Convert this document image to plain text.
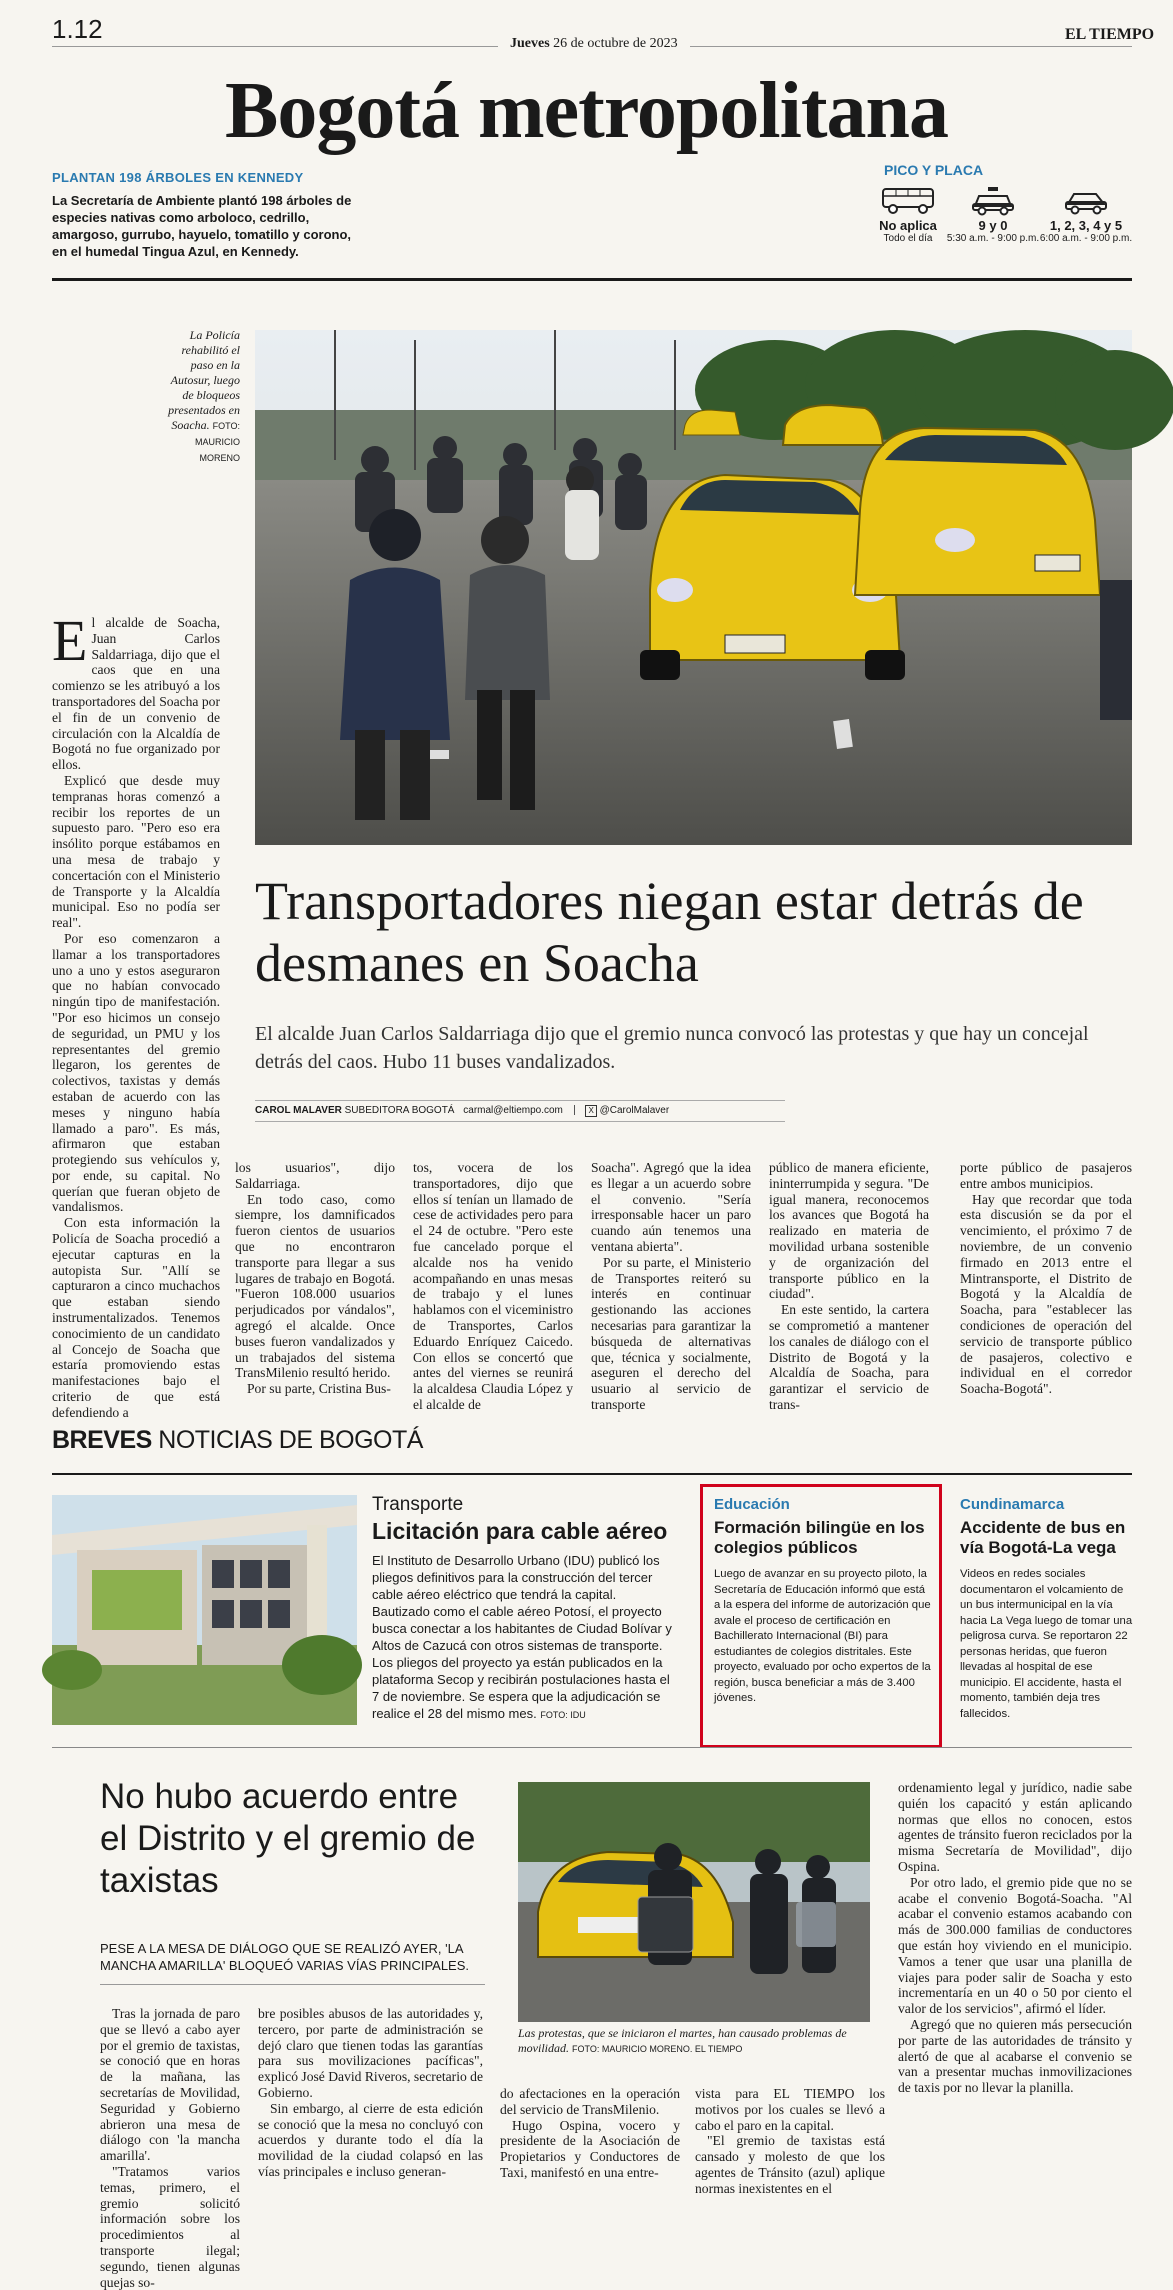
1.12	Jueves 26 de octubre de 2023
EL TIEMPO
Bogotá metropolitana
PLANTAN 198 ÁRBOLES EN KENNEDY
La Secretaría de Ambiente plantó 198 árboles de especies nativas como arboloco, cedrillo, amargoso, gurrubo, hayuelo, tomatillo y corono, en el humedal Tingua Azul, en Kennedy.
PICO Y PLACA
No aplica
Todo el día
9 y 0
5:30 a.m. - 9:00 p.m.
1, 2, 3, 4 y 5
6:00 a.m. - 9:00 p.m.
La Policía rehabilitó el paso en la Autosur, luego de bloqueos presentados en Soacha. FOTO: MAURICIO MORENO
Transportadores niegan estar detrás de desmanes en Soacha
El alcalde Juan Carlos Saldarriaga dijo que el gremio nunca convocó las protestas y que hay un concejal detrás del caos. Hubo 11 buses vandalizados.
CAROL MALAVER SUBEDITORA BOGOTÁ carmal@eltiempo.com	X @CarolMalaver
E l alcalde de Soacha, Juan Carlos Saldarriaga, dijo que el caos que en una comienzo se les atribuyó a los transportadores del Soacha por el fin de un convenio de circulación con la Alcaldía de Bogotá no fue organizado por ellos.

Explicó que desde muy tempranas horas comenzó a recibir los reportes de un supuesto paro. "Pero eso era insólito porque estábamos en una mesa de trabajo y concertación con el Ministerio de Transporte y la Alcaldía municipal. Eso no podía ser real".

Por eso comenzaron a llamar a los transportadores uno a uno y estos aseguraron que no habían convocado ningún tipo de manifestación. "Por eso hicimos un consejo de seguridad, un PMU y los representantes del gremio llegaron, los gerentes de colectivos, taxistas y demás estaban de acuerdo con las meses y ninguno había llamado a paro". Es más, afirmaron que estaban protegiendo sus vehículos y, por ende, su capital. No querían que fueran objeto de vandalismos.

Con esta información la Policía de Soacha procedió a ejecutar capturas en la autopista Sur. "Allí se capturaron a cinco muchachos que estaban siendo instrumentalizados. Tenemos conocimiento de un candidato al Concejo de Soacha que estaría promoviendo estas manifestaciones bajo el criterio de que está defendiendo a

los usuarios", dijo Saldarriaga.

En todo caso, como siempre, los damnificados fueron cientos de usuarios que no encontraron transporte para llegar a sus lugares de trabajo en Bogotá. "Fueron 108.000 usuarios perjudicados por vándalos", agregó el alcalde. Once buses fueron vandalizados y un trabajados del sistema TransMilenio resultó herido.

Por su parte, Cristina Bus-

tos, vocera de los transportadores, dijo que ellos sí tenían un llamado de cese de actividades pero para el 24 de octubre. "Pero este fue cancelado porque el alcalde nos ha venido acompañando en unas mesas de trabajo y el lunes hablamos con el viceministro de Transportes, Carlos Eduardo Enríquez Caicedo. Con ellos se concertó que antes del viernes se reunirá la alcaldesa Claudia López y el alcalde de

Soacha". Agregó que la idea es llegar a un acuerdo sobre el convenio. "Sería irresponsable hacer un paro cuando aún tenemos una ventana abierta".

Por su parte, el Ministerio de Transportes reiteró su interés en continuar gestionando las acciones necesarias para garantizar la búsqueda de alternativas que, técnica y socialmente, aseguren el derecho del usuario al servicio de transporte

público de manera eficiente, ininterrumpida y segura. "De igual manera, reconocemos los avances que Bogotá ha realizado en materia de movilidad urbana sostenible y de organización del transporte público en la ciudad".

En este sentido, la cartera se comprometió a mantener los canales de diálogo con el Distrito de Bogotá y la Alcaldía de Soacha, para garantizar el servicio de trans-

porte público de pasajeros entre ambos municipios.

Hay que recordar que toda esta discusión se da por el vencimiento, el próximo 7 de noviembre, de un convenio firmado en 2013 entre el Mintransporte, el Distrito de Bogotá y la Alcaldía de Soacha, para "establecer las condiciones de operación del servicio de transporte público de pasajeros, colectivo e individual en el corredor Soacha-Bogotá".

BREVES NOTICIAS DE BOGOTÁ
Transporte
Licitación para cable aéreo
El Instituto de Desarrollo Urbano (IDU) publicó los pliegos definitivos para la construcción del tercer cable aéreo eléctrico que tendrá la capital. Bautizado como el cable aéreo Potosí, el proyecto busca conectar a los habitantes de Ciudad Bolívar y Altos de Cazucá con otros sistemas de transporte. Los pliegos del proyecto ya están publicados en la plataforma Secop y recibirán postulaciones hasta el 7 de noviembre. Se espera que la adjudicación se realice el 28 del mismo mes. FOTO: IDU
Educación
Formación bilingüe en los colegios públicos
Luego de avanzar en su proyecto piloto, la Secretaría de Educación informó que está a la espera del informe de autorización que avale el proceso de certificación en Bachillerato Internacional (BI) para estudiantes de colegios distritales. Este proyecto, evaluado por ocho expertos de la región, busca beneficiar a más de 3.400 jóvenes.
Cundinamarca
Accidente de bus en vía Bogotá-La vega
Videos en redes sociales documentaron el volcamiento de un bus intermunicipal en la vía hacia La Vega luego de tomar una peligrosa curva. Se reportaron 22 personas heridas, que fueron llevadas al hospital de ese municipio. El accidente, hasta el momento, también deja tres fallecidos.
No hubo acuerdo entre el Distrito y el gremio de taxistas
PESE A LA MESA DE DIÁLOGO QUE SE REALIZÓ AYER, 'LA MANCHA AMARILLA' BLOQUEÓ VARIAS VÍAS PRINCIPALES.
Las protestas, que se iniciaron el martes, han causado problemas de movilidad. FOTO: MAURICIO MORENO. EL TIEMPO

Tras la jornada de paro que se llevó a cabo ayer por el gremio de taxistas, se conoció que en horas de la mañana, las secretarías de Movilidad, Seguridad y Gobierno abrieron una mesa de diálogo con 'la mancha amarilla'.

"Tratamos varios temas, primero, el gremio solicitó información sobre los procedimientos al transporte ilegal; segundo, tienen algunas quejas so-

bre posibles abusos de las autoridades y, tercero, por parte de administración se dejó claro que tienen todas las garantías para sus movilizaciones pacíficas", explicó José David Riveros, secretario de Gobierno.

Sin embargo, al cierre de esta edición se conoció que la mesa no concluyó con acuerdos y durante todo el día la movilidad de la ciudad colapsó en las vías principales e incluso generan-

do afectaciones en la operación del servicio de TransMilenio.

Hugo Ospina, vocero y presidente de la Asociación de Propietarios y Conductores de Taxi, manifestó en una entre-

vista para EL TIEMPO los motivos por los cuales se llevó a cabo el paro en la capital.

"El gremio de taxistas está cansado y molesto de que los agentes de Tránsito (azul) aplique normas inexistentes en el

ordenamiento legal y jurídico, nadie sabe quién los capacitó y están aplicando normas que ellos no conocen, estos agentes de tránsito fueron reciclados por la misma Secretaría de Movilidad", dijo Ospina.

Por otro lado, el gremio pide que no se acabe el convenio Bogotá-Soacha. "Al acabar el convenio estamos acabando con más de 300.000 familias de conductores que están hoy viviendo en el municipio. Vamos a tener que usar una planilla de viajes para poder salir de Soacha y esto incrementaría en un 40 o 50 por ciento el valor de los servicios", afirmó el líder.

Agregó que no quieren más persecución por parte de las autoridades de tránsito y alertó de que al acabarse el convenio se van a presentar muchas inmovilizaciones de taxis por no llevar la planilla.
